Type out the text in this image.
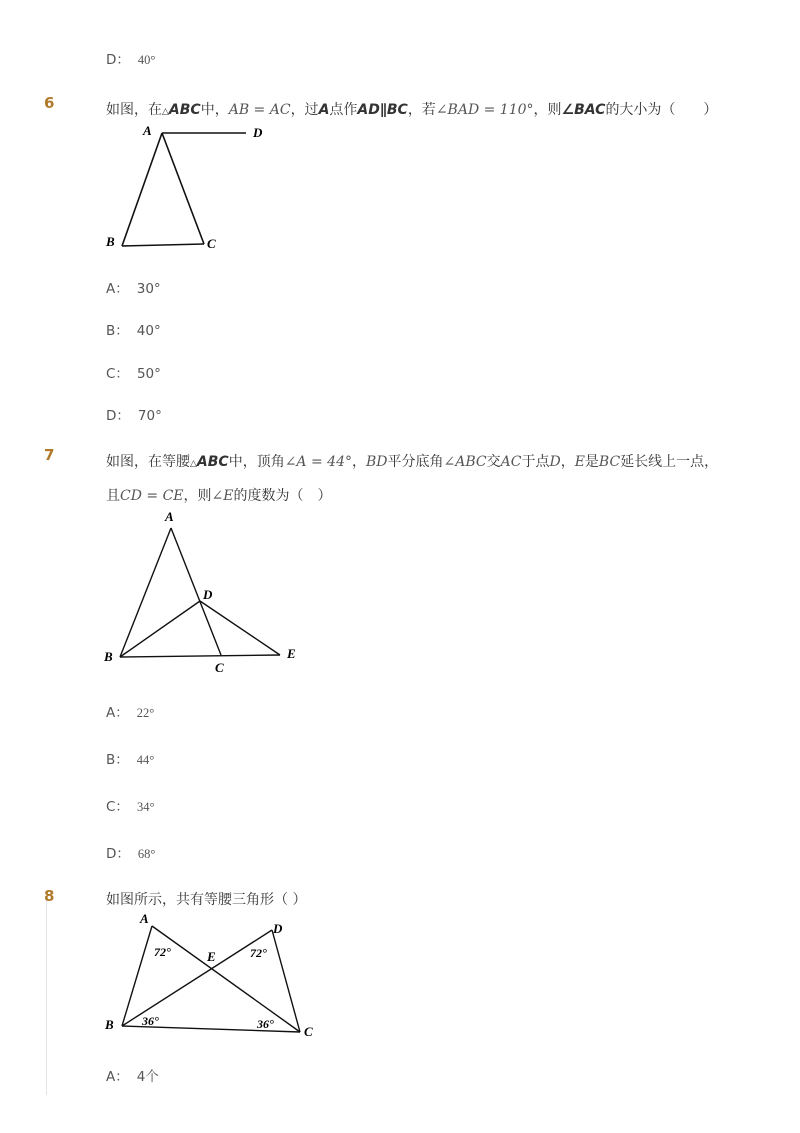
D： 40°
6	如图，在△ABC中，AB = AC，过A点作AD∥BC，若∠BAD = 110°，则∠BAC的大小为（　　）
A	D
B	C
A： 30°
B： 40°
C： 50°
D： 70°
7	如图，在等腰△ABC中，顶角∠A = 44°，BD平分底角∠ABC交AC于点D，E是BC延长线上一点，
且CD = CE，则∠E的度数为（　）
A
D
B
C
E
A： 22°
B： 44°
C： 34°
D： 68°
8	如图所示，共有等腰三角形（ ）
A
D
E
B	C
72°	72°
36°	36°
A： 4个
